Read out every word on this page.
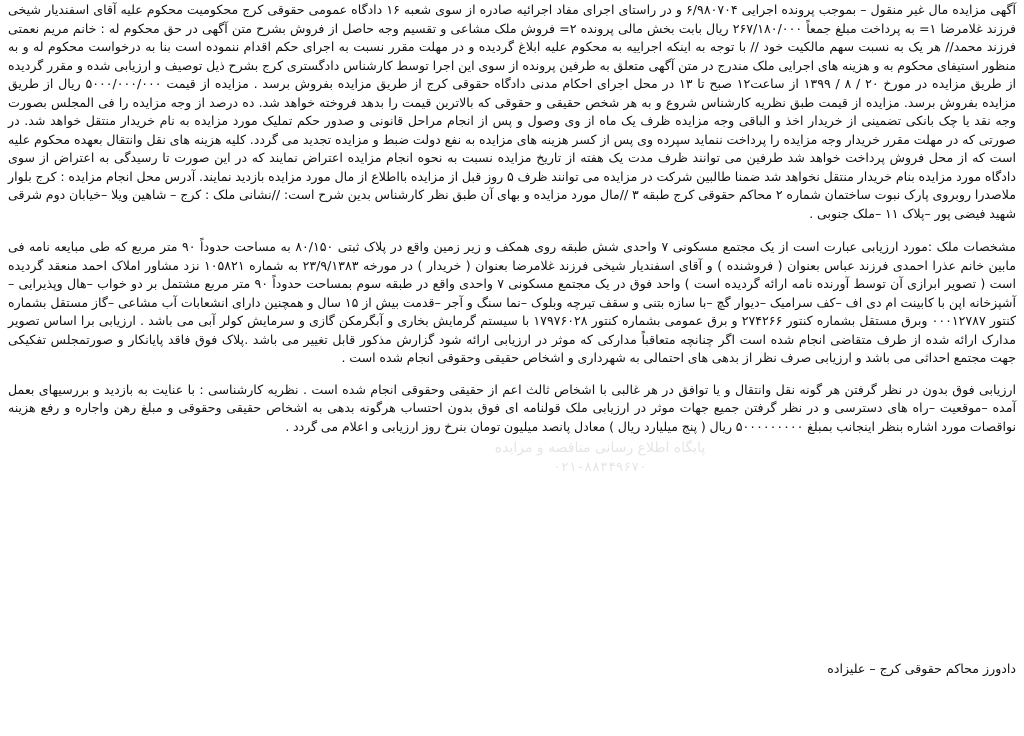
آگهی مزایده مال غیر منقول – بموجب پرونده اجرایی ۶/۹۸۰۷۰۴ و در راستای اجرای مفاد اجرائیه صادره از سوی شعبه ۱۶ دادگاه عمومی حقوقی کرج محکومیت محکوم علیه آقای اسفندیار شیخی فرزند غلامرضا ۱= به پرداخت مبلغ جمعاً ۲۶۷/۱۸۰/۰۰۰ ریال بابت بخش مالی پرونده ۲= فروش ملک مشاعی و تقسیم وجه حاصل از فروش بشرح متن آگهی در حق محکوم له : خانم مریم نعمتی فرزند محمد// هر یک به نسبت سهم مالکیت خود // با توجه به اینکه اجراییه به محکوم علیه ابلاغ گردیده و در مهلت مقرر نسبت به اجرای حکم اقدام ننموده است بنا به درخواست محکوم له و به منظور استیفای محکوم به و هزینه های اجرایی ملک مندرج در متن آگهی متعلق به طرفین پرونده از سوی این اجرا توسط کارشناس دادگستری کرج بشرح ذیل توصیف و ارزیابی شده و مقرر گردیده از طریق مزایده در مورخ ۲۰ / ۸ / ۱۳۹۹ از ساعت۱۲ صبح تا ۱۳ در محل اجرای احکام مدنی دادگاه حقوقی کرج از طریق مزایده بفروش برسد . مزایده از قیمت ۵۰۰۰/۰۰۰/۰۰۰ ریال از طریق مزایده بفروش برسد. مزایده از قیمت طبق نظریه کارشناس شروع و به هر شخص حقیقی و حقوقی که بالاترین قیمت را بدهد فروخته خواهد شد. ده درصد از وجه مزایده را فی المجلس بصورت وجه نقد یا چک بانکی تضمینی از خریدار اخذ و الباقی وجه مزایده ظرف یک ماه از وی وصول و پس از انجام مراحل قانونی و صدور حکم تملیک مورد مزایده به نام خریدار منتقل خواهد شد. در صورتی که در مهلت مقرر خریدار وجه مزایده را پرداخت ننماید سپرده وی پس از کسر هزینه های مزایده به نفع دولت ضبط و مزایده تجدید می گردد. کلیه هزینه های نقل وانتقال بعهده محکوم علیه است که از محل فروش پرداخت خواهد شد طرفین می توانند ظرف مدت یک هفته از تاریخ مزایده نسبت به نحوه انجام مزایده اعتراض نمایند که در این صورت تا رسیدگی به اعتراض از سوی دادگاه مورد مزایده بنام خریدار منتقل نخواهد شد ضمنا طالبین شرکت در مزایده می توانند ظرف ۵ روز قبل از مزایده بااطلاع از مال مورد مزایده بازدید نمایند. آدرس محل انجام مزایده : کرج بلوار ملاصدرا روبروی پارک نبوت ساختمان شماره ۲ محاکم حقوقی کرج طبقه ۳ //مال مورد مزایده و بهای آن طبق نظر کارشناس بدین شرح است: //نشانی ملک : کرج – شاهین ویلا –خیابان دوم شرقی شهید فیضی پور –پلاک ۱۱ –ملک جنوبی .

مشخصات ملک :مورد ارزیابی عبارت است از یک مجتمع مسکونی ۷ واحدی شش طبقه روی همکف و زیر زمین واقع در پلاک ثبتی ۸۰/۱۵۰ به مساحت حدوداً ۹۰ متر مربع که طی مبایعه نامه فی مابین خانم عذرا احمدی فرزند عباس بعنوان ( فروشنده ) و آقای اسفندیار شیخی فرزند غلامرضا بعنوان ( خریدار ) در مورخه ۲۳/۹/۱۳۸۳ به شماره ۱۰۵۸۲۱ نزد مشاور املاک احمد منعقد گردیده است ( تصویر ابرازی آن توسط آورنده نامه ارائه گردیده است ) واحد فوق در یک مجتمع مسکونی ۷ واحدی واقع در طبقه سوم بمساحت حدوداً ۹۰ متر مربع مشتمل بر دو خواب –هال وپذیرایی –آشپزخانه اپن با کابینت ام دی اف –کف سرامیک –دیوار گچ –با سازه بتنی و سقف تیرچه وبلوک –نما سنگ و آجر –قدمت بیش از ۱۵ سال و همچنین دارای انشعابات آب مشاعی –گاز مستقل بشماره کنتور ۰۰۰۱۲۷۸۷ وبرق مستقل بشماره کنتور ۲۷۴۲۶۶ و برق عمومی بشماره کنتور ۱۷۹۷۶۰۲۸ با سیستم گرمایش بخاری و آبگرمکن گازی و سرمایش کولر آبی می باشد . ارزیابی برا اساس تصویر مدارک ارائه شده از طرف متقاضی انجام شده است اگر چنانچه متعاقباً مدارکی که موثر در ارزیابی ارائه شود گزارش مذکور قابل تغییر می باشد .پلاک فوق فاقد پایانکار و صورتمجلس تفکیکی جهت مجتمع احداثی می باشد و ارزیابی صرف نظر از بدهی های احتمالی به شهرداری و اشخاص حقیقی وحقوقی انجام شده است .

ارزیابی فوق بدون در نظر گرفتن هر گونه نقل وانتقال و یا توافق در هر غالبی با اشخاص ثالث اعم از حقیقی وحقوقی انجام شده است . نظریه کارشناسی : با عنایت به بازدید و بررسیهای بعمل آمده –موقعیت –راه های دسترسی و در نظر گرفتن جمیع جهات موثر در ارزیابی ملک قولنامه ای فوق بدون احتساب هرگونه بدهی به اشخاص حقیقی وحقوقی و مبلغ رهن واجاره و رفع هزینه نواقصات مورد اشاره بنظر اینجانب بمبلغ ۵۰۰۰۰۰۰۰۰۰ ریال ( پنج میلیارد ریال ) معادل پانصد میلیون تومان بنرخ روز ارزیابی و اعلام می گردد .

دادورز محاکم حقوقی کرج – علیزاده

پایگاه اطلاع رسانی مناقصه و مزایده
۰۲۱-۸۸۳۴۹۶۷۰
